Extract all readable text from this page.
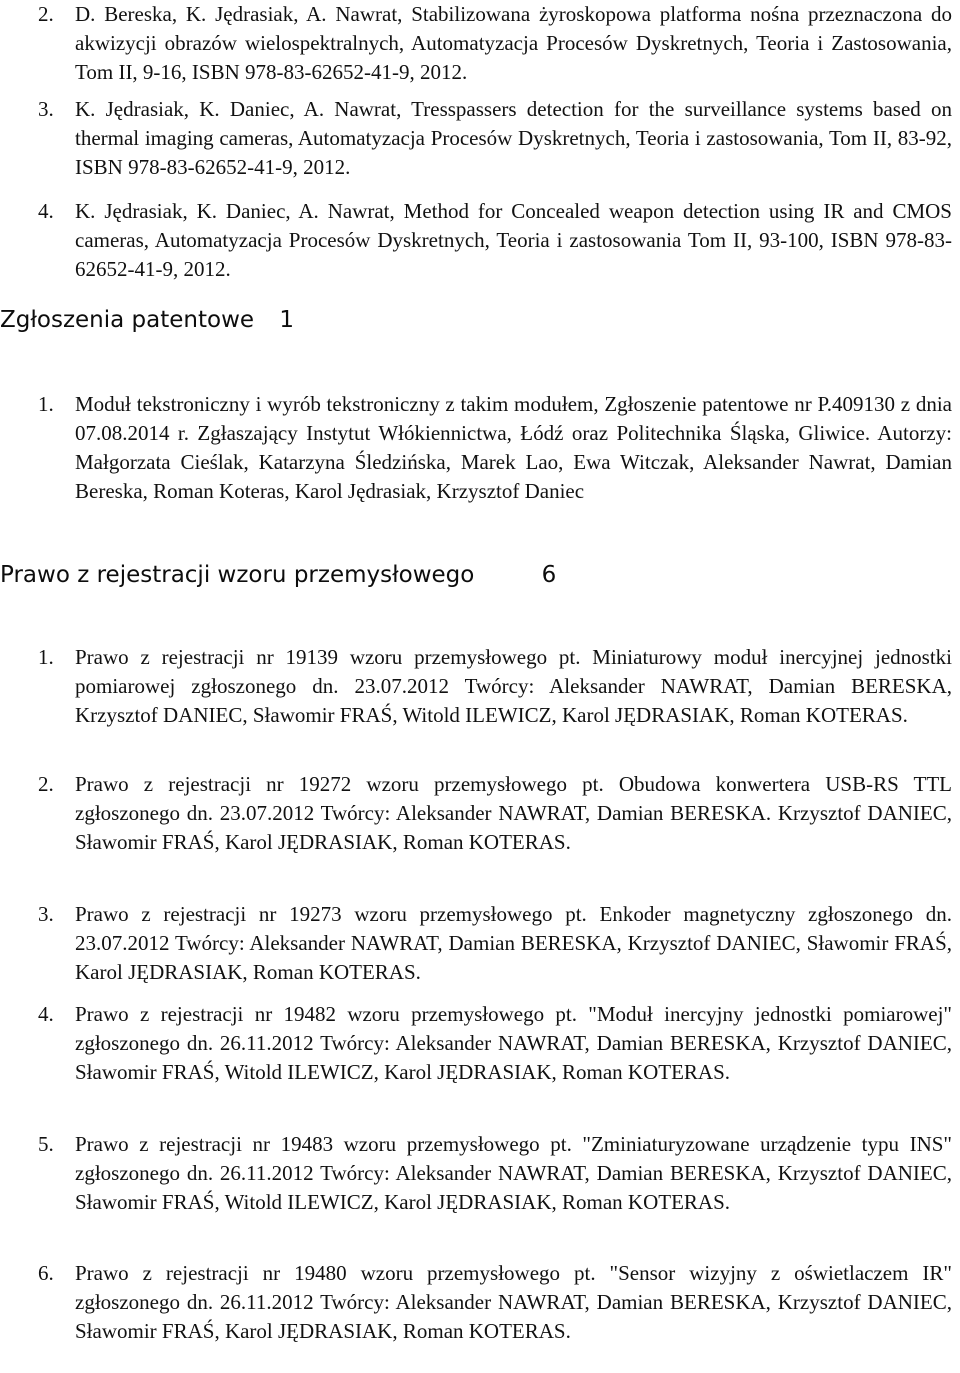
2. D. Bereska, K. Jędrasiak, A. Nawrat, Stabilizowana żyroskopowa platforma nośna przeznaczona do akwizycji obrazów wielospektralnych, Automatyzacja Procesów Dyskretnych, Teoria i Zastosowania, Tom II, 9-16, ISBN 978-83-62652-41-9, 2012.
3. K. Jędrasiak, K. Daniec, A. Nawrat, Tresspassers detection for the surveillance systems based on thermal imaging cameras, Automatyzacja Procesów Dyskretnych, Teoria i zastosowania, Tom II, 83-92, ISBN 978-83-62652-41-9, 2012.
4. K. Jędrasiak, K. Daniec, A. Nawrat, Method for Concealed weapon detection using IR and CMOS cameras, Automatyzacja Procesów Dyskretnych, Teoria i zastosowania Tom II, 93-100, ISBN 978-83-62652-41-9, 2012.
Zgłoszenia patentowe 1
1. Moduł tekstroniczny i wyrób tekstroniczny z takim modułem, Zgłoszenie patentowe nr P.409130 z dnia 07.08.2014 r. Zgłaszający Instytut Włókiennictwa, Łódź oraz Politechnika Śląska, Gliwice. Autorzy: Małgorzata Cieślak, Katarzyna Śledzińska, Marek Lao, Ewa Witczak, Aleksander Nawrat, Damian Bereska, Roman Koteras, Karol Jędrasiak, Krzysztof Daniec
Prawo z rejestracji wzoru przemysłowego	6
1. Prawo z rejestracji nr 19139 wzoru przemysłowego pt. Miniaturowy moduł inercyjnej jednostki pomiarowej zgłoszonego dn. 23.07.2012 Twórcy: Aleksander NAWRAT, Damian BERESKA, Krzysztof DANIEC, Sławomir FRAŚ, Witold ILEWICZ, Karol JĘDRASIAK, Roman KOTERAS.
2. Prawo z rejestracji nr 19272 wzoru przemysłowego pt. Obudowa konwertera USB-RS TTL zgłoszonego dn. 23.07.2012 Twórcy: Aleksander NAWRAT, Damian BERESKA. Krzysztof DANIEC, Sławomir FRAŚ, Karol JĘDRASIAK, Roman KOTERAS.
3. Prawo z rejestracji nr 19273 wzoru przemysłowego pt. Enkoder magnetyczny zgłoszonego dn. 23.07.2012 Twórcy: Aleksander NAWRAT, Damian BERESKA, Krzysztof DANIEC, Sławomir FRAŚ, Karol JĘDRASIAK, Roman KOTERAS.
4. Prawo z rejestracji nr 19482 wzoru przemysłowego pt. "Moduł inercyjny jednostki pomiarowej" zgłoszonego dn. 26.11.2012 Twórcy: Aleksander NAWRAT, Damian BERESKA, Krzysztof DANIEC, Sławomir FRAŚ, Witold ILEWICZ, Karol JĘDRASIAK, Roman KOTERAS.
5. Prawo z rejestracji nr 19483 wzoru przemysłowego pt. "Zminiaturyzowane urządzenie typu INS" zgłoszonego dn. 26.11.2012 Twórcy: Aleksander NAWRAT, Damian BERESKA, Krzysztof DANIEC, Sławomir FRAŚ, Witold ILEWICZ, Karol JĘDRASIAK, Roman KOTERAS.
6. Prawo z rejestracji nr 19480 wzoru przemysłowego pt. "Sensor wizyjny z oświetlaczem IR" zgłoszonego dn. 26.11.2012 Twórcy: Aleksander NAWRAT, Damian BERESKA, Krzysztof DANIEC, Sławomir FRAŚ, Karol JĘDRASIAK, Roman KOTERAS.
